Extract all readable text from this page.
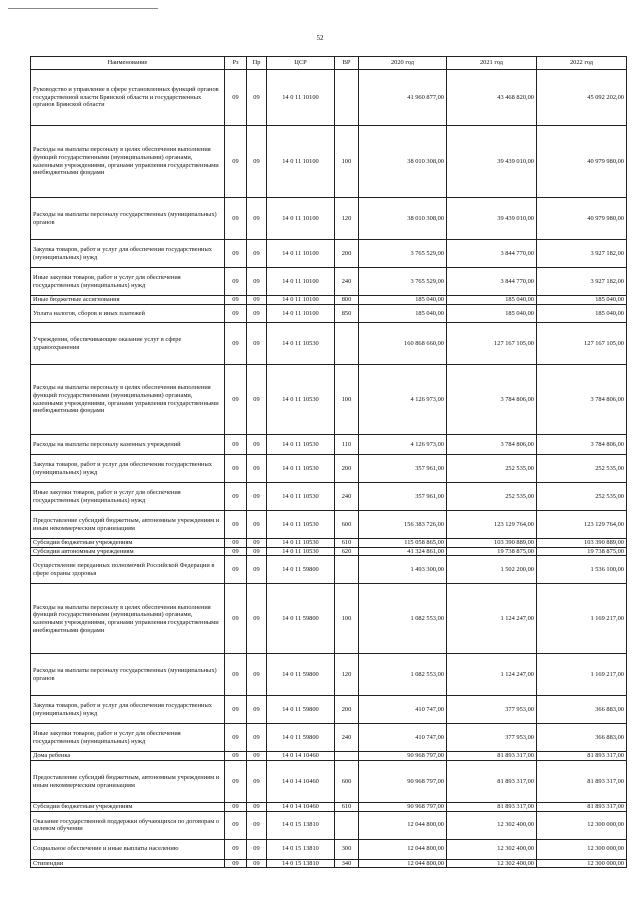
52
Наименование	Рз	Пр	ЦСР	ВР	2020 год	2021 год	2022 год
Руководство и управление в сфере установленных функций органов государственной власти Брянской области и государственных органов Брянской области	09	09	14 0 11 10100		41 960 877,00	43 468 820,00	45 092 202,00
Расходы на выплаты персоналу в целях обеспечения выполнения функций государственными (муниципальными) органами, казенными учреждениями, органами управления государственными внебюджетными фондами	09	09	14 0 11 10100	100	38 010 308,00	39 439 010,00	40 979 980,00
Расходы на выплаты персоналу государственных (муниципальных) органов	09	09	14 0 11 10100	120	38 010 308,00	39 439 010,00	40 979 980,00
Закупка товаров, работ и услуг для обеспечения государственных (муниципальных) нужд	09	09	14 0 11 10100	200	3 765 529,00	3 844 770,00	3 927 182,00
Иные закупки товаров, работ и услуг для обеспечения государственных (муниципальных) нужд	09	09	14 0 11 10100	240	3 765 529,00	3 844 770,00	3 927 182,00
Иные бюджетные ассигнования	09	09	14 0 11 10100	800	185 040,00	185 040,00	185 040,00
Уплата налогов, сборов и иных платежей	09	09	14 0 11 10100	850	185 040,00	185 040,00	185 040,00
Учреждения, обеспечивающие оказание услуг в сфере здравоохранения	09	09	14 0 11 10530		160 868 660,00	127 167 105,00	127 167 105,00
Расходы на выплаты персоналу в целях обеспечения выполнения функций государственными (муниципальными) органами, казенными учреждениями, органами управления государственными внебюджетными фондами	09	09	14 0 11 10530	100	4 126 973,00	3 784 806,00	3 784 806,00
Расходы на выплаты персоналу казенных учреждений	09	09	14 0 11 10530	110	4 126 973,00	3 784 806,00	3 784 806,00
Закупка товаров, работ и услуг для обеспечения государственных (муниципальных) нужд	09	09	14 0 11 10530	200	357 961,00	252 535,00	252 535,00
Иные закупки товаров, работ и услуг для обеспечения государственных (муниципальных) нужд	09	09	14 0 11 10530	240	357 961,00	252 535,00	252 535,00
Предоставление субсидий бюджетным, автономным учреждениям и иным некоммерческим организациям	09	09	14 0 11 10530	600	156 383 726,00	123 129 764,00	123 129 764,00
Субсидии бюджетным учреждениям	09	09	14 0 11 10530	610	115 058 865,00	103 390 889,00	103 390 889,00
Субсидии автономным учреждениям	09	09	14 0 11 10530	620	41 324 861,00	19 738 875,00	19 738 875,00
Осуществление переданных полномочий Российской Федерации в сфере охраны здоровья	09	09	14 0 11 59800		1 493 300,00	1 502 200,00	1 536 100,00
Расходы на выплаты персоналу в целях обеспечения выполнения функций государственными (муниципальными) органами, казенными учреждениями, органами управления государственными внебюджетными фондами	09	09	14 0 11 59800	100	1 082 553,00	1 124 247,00	1 169 217,00
Расходы на выплаты персоналу государственных (муниципальных) органов	09	09	14 0 11 59800	120	1 082 553,00	1 124 247,00	1 169 217,00
Закупка товаров, работ и услуг для обеспечения государственных (муниципальных) нужд	09	09	14 0 11 59800	200	410 747,00	377 953,00	366 883,00
Иные закупки товаров, работ и услуг для обеспечения государственных (муниципальных) нужд	09	09	14 0 11 59800	240	410 747,00	377 953,00	366 883,00
Дома ребенка	09	09	14 0 14 10460		90 968 797,00	81 893 317,00	81 893 317,00
Предоставление субсидий бюджетным, автономным учреждениям и иным некоммерческим организациям	09	09	14 0 14 10460	600	90 968 797,00	81 893 317,00	81 893 317,00
Субсидии бюджетным учреждениям	09	09	14 0 14 10460	610	90 968 797,00	81 893 317,00	81 893 317,00
Оказание государственной поддержки обучающихся по договорам о целевом обучении	09	09	14 0 15 13810		12 044 800,00	12 302 400,00	12 300 000,00
Социальное обеспечение и иные выплаты населению	09	09	14 0 15 13810	300	12 044 800,00	12 302 400,00	12 300 000,00
Стипендии	09	09	14 0 15 13810	340	12 044 800,00	12 302 400,00	12 300 000,00
